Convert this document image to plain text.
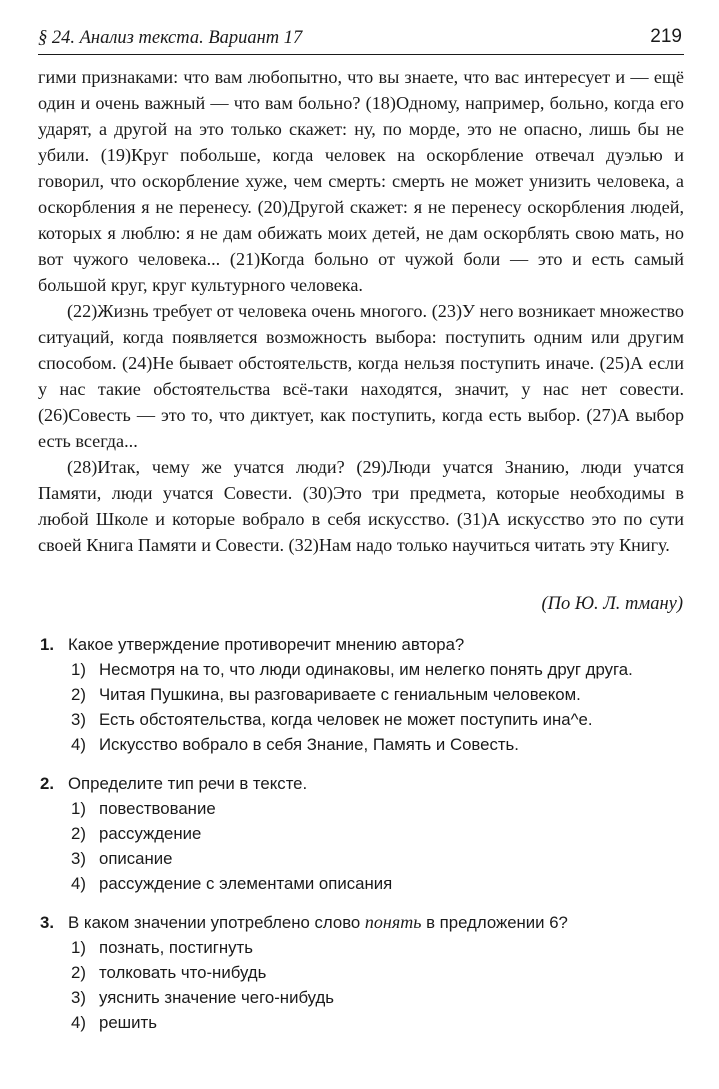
§ 24. Анализ текста. Вариант 17	219

гими признаками: что вам любопытно, что вы знаете, что вас интересует и — ещё один и очень важный — что вам больно? (18)Одному, например, больно, когда его ударят, а другой на это только скажет: ну, по морде, это не опасно, лишь бы не убили. (19)Круг побольше, когда человек на оскорбление отвечал дуэлью и говорил, что оскорбление хуже, чем смерть: смерть не может унизить человека, а оскорбления я не перенесу. (20)Другой скажет: я не перенесу оскорбления людей, которых я люблю: я не дам обижать моих детей, не дам оскорблять свою мать, но вот чужого человека... (21)Когда больно от чужой боли — это и есть самый большой круг, круг культурного человека.

(22)Жизнь требует от человека очень многого. (23)У него возникает множество ситуаций, когда появляется возможность выбора: поступить одним или другим способом. (24)Не бывает обстоятельств, когда нельзя поступить иначе. (25)А если у нас такие обстоятельства всё-таки находятся, значит, у нас нет совести. (26)Совесть — это то, что диктует, как поступить, когда есть выбор. (27)А выбор есть всегда...

(28)Итак, чему же учатся люди? (29)Люди учатся Знанию, люди учатся Памяти, люди учатся Совести. (30)Это три предмета, которые необходимы в любой Школе и которые вобрало в себя искусство. (31)А искусство это по сути своей Книга Памяти и Совести. (32)Нам надо только научиться читать эту Книгу.

(По Ю. Л. тману)
1. Какое утверждение противоречит мнению автора?
1) Несмотря на то, что люди одинаковы, им нелегко понять друг друга.
2) Читая Пушкина, вы разговариваете с гениальным человеком.
3) Есть обстоятельства, когда человек не может поступить ина^е.
4) Искусство вобрало в себя Знание, Память и Совесть.
2. Определите тип речи в тексте.
1) повествование
2) рассуждение
3) описание
4) рассуждение с элементами описания
3. В каком значении употреблено слово понять в предложении 6?
1) познать, постигнуть
2) толковать что-нибудь
3) уяснить значение чего-нибудь
4) решить
